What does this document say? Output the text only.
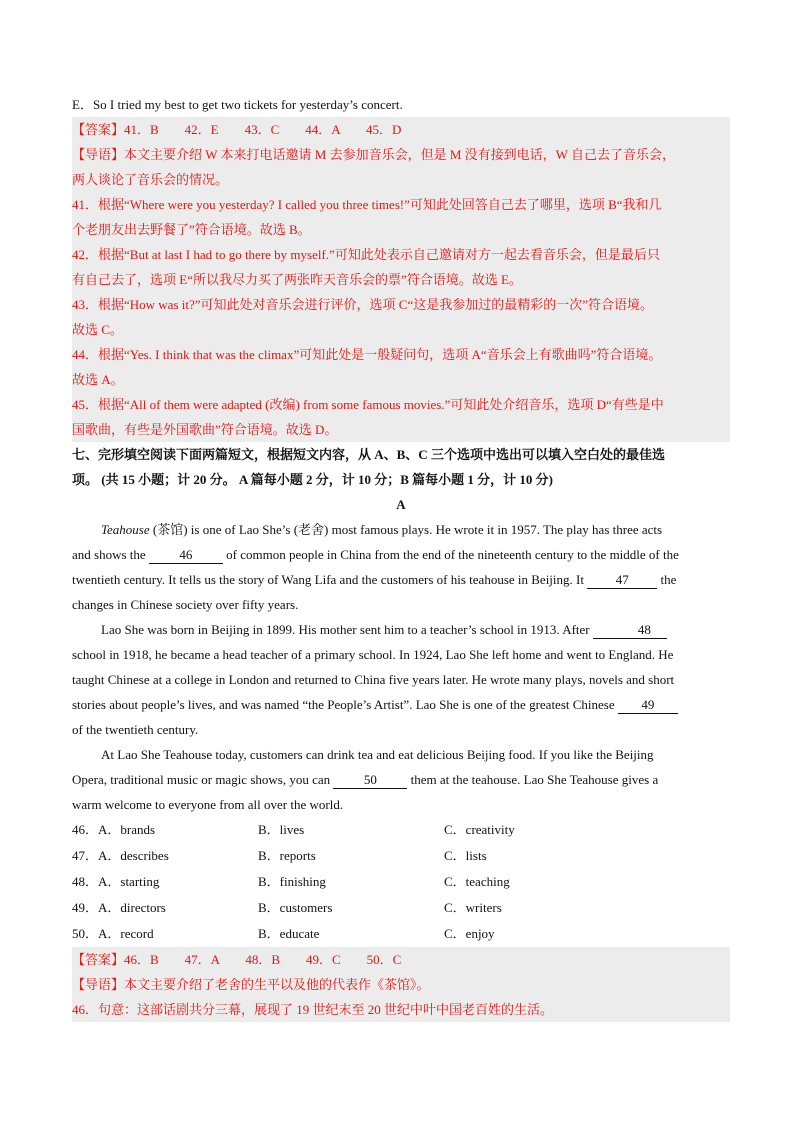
E．So I tried my best to get two tickets for yesterday’s concert.
【答案】41．B　　42．E　　43．C　　44．A　　45．D
【导语】本文主要介绍 W 本来打电话邀请 M 去参加音乐会，但是 M 没有接到电话，W 自己去了音乐会，
两人谈论了音乐会的情况。
41．根据“Where were you yesterday? I called you three times!”可知此处回答自己去了哪里，选项 B“我和几
个老朋友出去野餐了”符合语境。故选 B。
42．根据“But at last I had to go there by myself.”可知此处表示自己邀请对方一起去看音乐会，但是最后只
有自己去了，选项 E“所以我尽力买了两张昨天音乐会的票”符合语境。故选 E。
43．根据“How was it?”可知此处对音乐会进行评价，选项 C“这是我参加过的最精彩的一次”符合语境。
故选 C。
44．根据“Yes. I think that was the climax”可知此处是一般疑问句，选项 A“音乐会上有歌曲吗”符合语境。
故选 A。
45．根据“All of them were adapted (改编) from some famous movies.”可知此处介绍音乐，选项 D“有些是中
国歌曲，有些是外国歌曲”符合语境。故选 D。
七、完形填空阅读下面两篇短文，根据短文内容，从 A、B、C 三个选项中选出可以填入空白处的最佳选
项。 (共 15 小题；计 20 分。 A 篇每小题 2 分，计 10 分；B 篇每小题 1 分，计 10 分)
A
Teahouse (茶馆) is one of Lao She’s (老舍) most famous plays. He wrote it in 1957. The play has three acts
and shows the 46 of common people in China from the end of the nineteenth century to the middle of the
twentieth century. It tells us the story of Wang Lifa and the customers of his teahouse in Beijing. It 47 the
changes in Chinese society over fifty years.
Lao She was born in Beijing in 1899. His mother sent him to a teacher’s school in 1913. After	48
school in 1918, he became a head teacher of a primary school. In 1924, Lao She left home and went to England. He
taught Chinese at a college in London and returned to China five years later. He wrote many plays, novels and short
stories about people’s lives, and was named “the People’s Artist”. Lao She is one of the greatest Chinese 49
of the twentieth century.
At Lao She Teahouse today, customers can drink tea and eat delicious Beijing food. If you like the Beijing
Opera, traditional music or magic shows, you can 50 them at the teahouse. Lao She Teahouse gives a
warm welcome to everyone from all over the world.
46．A．brands	B．lives	C．creativity
47．A．describes	B．reports	C．lists
48．A．starting	B．finishing	C．teaching
49．A．directors	B．customers	C．writers
50．A．record	B．educate	C．enjoy
【答案】46．B　　47．A　　48．B　　49．C　　50．C
【导语】本文主要介绍了老舍的生平以及他的代表作《茶馆》。
46．句意：这部话剧共分三幕，展现了 19 世纪末至 20 世纪中叶中国老百姓的生活。
